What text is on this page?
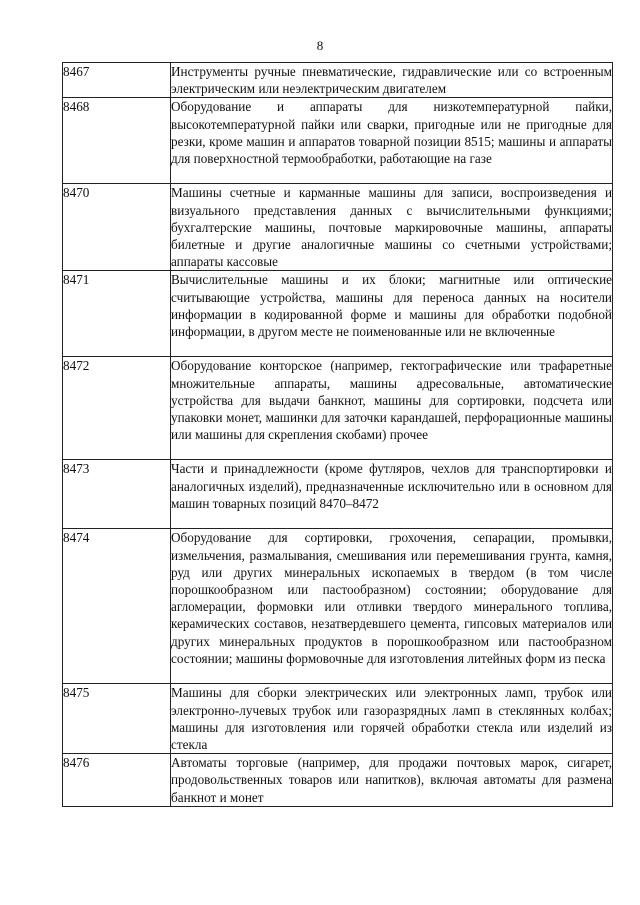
8
8467	Инструменты ручные пневматические, гидравлические или со встроенным электрическим или неэлектрическим двигателем
8468	Оборудование и аппараты для низкотемпературной пайки, высокотемпературной пайки или сварки, пригодные или не пригодные для резки, кроме машин и аппаратов товарной позиции 8515; машины и аппараты для поверхностной термообработки, работающие на газе
8470	Машины счетные и карманные машины для записи, воспроизведения и визуального представления данных с вычислительными функциями; бухгалтерские машины, почтовые маркировочные машины, аппараты билетные и другие аналогичные машины со счетными устройствами; аппараты кассовые
8471	Вычислительные машины и их блоки; магнитные или оптические считывающие устройства, машины для переноса данных на носители информации в кодированной форме и машины для обработки подобной информации, в другом месте не поименованные или не включенные
8472	Оборудование конторское (например, гектографические или трафаретные множительные аппараты, машины адресовальные, автоматические устройства для выдачи банкнот, машины для сортировки, подсчета или упаковки монет, машинки для заточки карандашей, перфорационные машины или машины для скрепления скобами) прочее
8473	Части и принадлежности (кроме футляров, чехлов для транспортировки и аналогичных изделий), предназначенные исключительно или в основном для машин товарных позиций 8470–8472
8474	Оборудование для сортировки, грохочения, сепарации, промывки, измельчения, размалывания, смешивания или перемешивания грунта, камня, руд или других минеральных ископаемых в твердом (в том числе порошкообразном или пастообразном) состоянии; оборудование для агломерации, формовки или отливки твердого минерального топлива, керамических составов, незатвердевшего цемента, гипсовых материалов или других минеральных продуктов в порошкообразном или пастообразном состоянии; машины формовочные для изготовления литейных форм из песка
8475	Машины для сборки электрических или электронных ламп, трубок или электронно-лучевых трубок или газоразрядных ламп в стеклянных колбах; машины для изготовления или горячей обработки стекла или изделий из стекла
8476	Автоматы торговые (например, для продажи почтовых марок, сигарет, продовольственных товаров или напитков), включая автоматы для размена банкнот и монет
